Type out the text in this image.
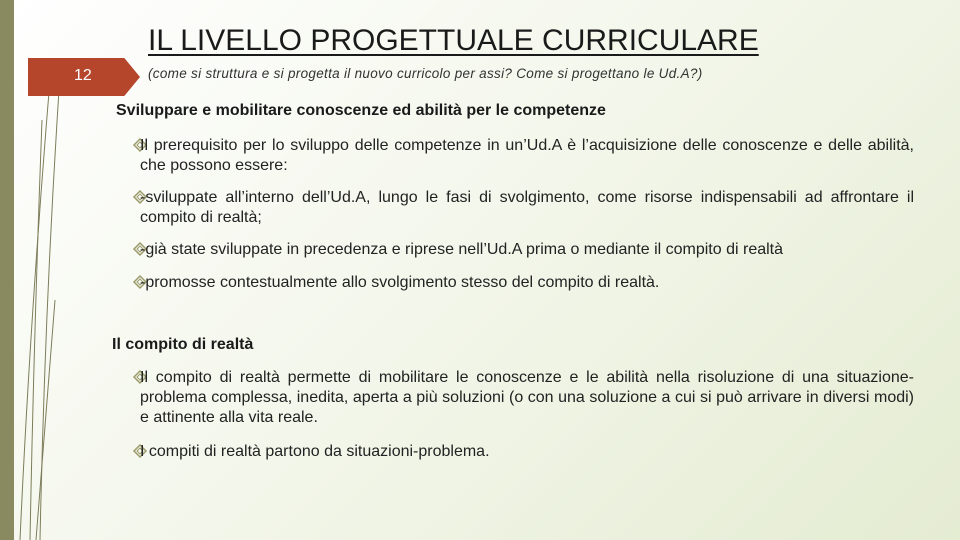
12
IL LIVELLO PROGETTUALE CURRICULARE
(come si struttura e si progetta il nuovo curricolo per assi? Come si progettano le Ud.A?)
Sviluppare e mobilitare conoscenze ed abilità per le competenze
Il prerequisito per lo sviluppo delle competenze in un’Ud.A è l’acquisizione delle conoscenze e delle abilità, che possono essere:
-sviluppate all’interno dell’Ud.A, lungo le fasi di svolgimento, come risorse indispensabili ad affrontare il compito di realtà;
-già state sviluppate in precedenza e riprese nell’Ud.A prima o mediante il compito di realtà
-promosse contestualmente allo svolgimento stesso del compito di realtà.
Il compito di realtà
Il compito di realtà permette di mobilitare le conoscenze e le abilità nella risoluzione di una situazione-problema complessa, inedita, aperta a più soluzioni (o con una soluzione a cui si può arrivare in diversi modi) e attinente alla vita reale.
I compiti di realtà partono da situazioni-problema.
